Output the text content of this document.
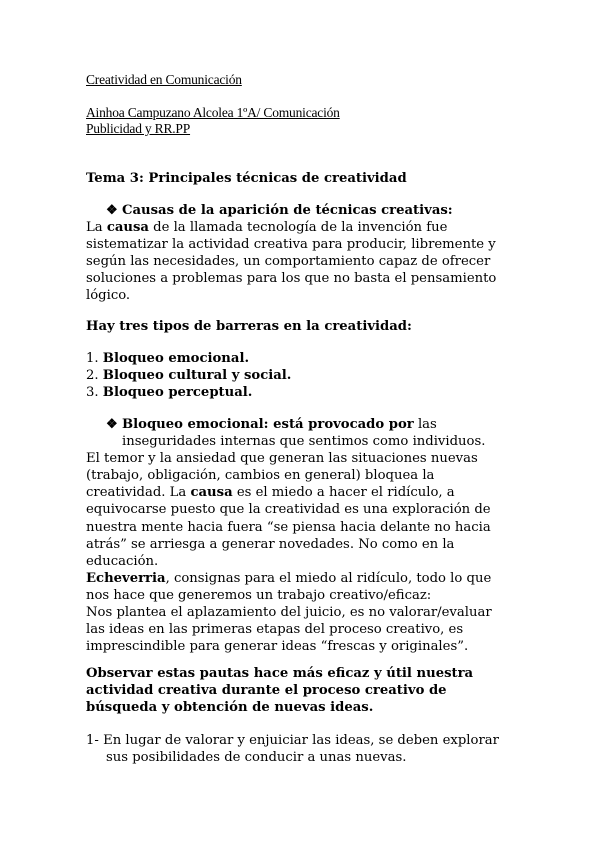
Creatividad en Comunicación

Ainhoa Campuzano Alcolea 1ºA/ Comunicación

Publicidad y RR.PP

Tema 3: Principales técnicas de creatividad
❖ Causas de la aparición de técnicas creativas:
La causa de la llamada tecnología de la invención fue
sistematizar la actividad creativa para producir, libremente y
según las necesidades, un comportamiento capaz de ofrecer
soluciones a problemas para los que no basta el pensamiento
lógico.
Hay tres tipos de barreras en la creatividad:
1. Bloqueo emocional.
2. Bloqueo cultural y social.
3. Bloqueo perceptual.
❖ Bloqueo emocional: está provocado por las
inseguridades internas que sentimos como individuos.
El temor y la ansiedad que generan las situaciones nuevas
(trabajo, obligación, cambios en general) bloquea la
creatividad. La causa es el miedo a hacer el ridículo, a
equivocarse puesto que la creatividad es una exploración de
nuestra mente hacia fuera “se piensa hacia delante no hacia
atrás” se arriesga a generar novedades. No como en la
educación.
Echeverria, consignas para el miedo al ridículo, todo lo que
nos hace que generemos un trabajo creativo/eficaz:
Nos plantea el aplazamiento del juicio, es no valorar/evaluar
las ideas en las primeras etapas del proceso creativo, es
imprescindible para generar ideas “frescas y originales”.
Observar estas pautas hace más eficaz y útil nuestra
actividad creativa durante el proceso creativo de
búsqueda y obtención de nuevas ideas.
1- En lugar de valorar y enjuiciar las ideas, se deben explorar
sus posibilidades de conducir a unas nuevas.
